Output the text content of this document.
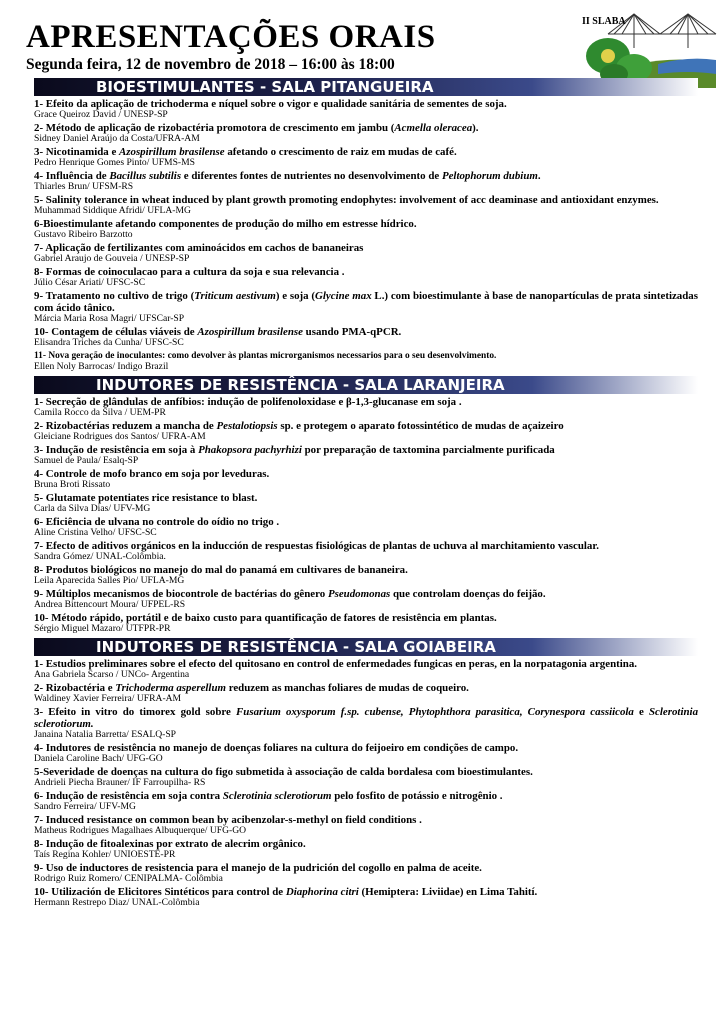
APRESENTAÇÕES ORAIS
Segunda feira, 12 de novembro de 2018 – 16:00 às 18:00
II SLABA
BIOESTIMULANTES - SALA PITANGUEIRA
1- Efeito da aplicação de trichoderma e níquel sobre o vigor e qualidade sanitária de sementes de soja.
Grace Queiroz David / UNESP-SP
2- Método de aplicação de rizobactéria promotora de crescimento em jambu (Acmella oleracea).
Sidney Daniel Araújo da Costa/UFRA-AM
3- Nicotinamida e Azospirillum brasilense afetando o crescimento de raiz em mudas de café.
Pedro Henrique Gomes Pinto/ UFMS-MS
4- Influência de Bacillus subtilis e diferentes fontes de nutrientes no desenvolvimento de Peltophorum dubium.
Thiarles Brun/ UFSM-RS
5- Salinity tolerance in wheat induced by plant growth promoting endophytes: involvement of acc deaminase and antioxidant enzymes.
Muhammad Siddique Afridi/ UFLA-MG
6-Bioestimulante afetando componentes de produção do milho em estresse hídrico.
Gustavo Ribeiro Barzotto
7- Aplicação de fertilizantes com aminoácidos em cachos de bananeiras
Gabriel Araujo de Gouveia / UNESP-SP
8- Formas de coinoculacao para a cultura da soja e sua relevancia .
Júlio César Ariati/ UFSC-SC
9- Tratamento no cultivo de trigo (Triticum aestivum) e soja (Glycine max L.) com bioestimulante à base de nanopartículas de prata sintetizadas com ácido tânico.
Márcia Maria Rosa Magri/ UFSCar-SP
10- Contagem de células viáveis de Azospirillum brasilense usando PMA-qPCR.
Elisandra Triches da Cunha/ UFSC-SC
11- Nova geração de inoculantes: como devolver às plantas microrganismos necessarios para o seu desenvolvimento.
Ellen Noly Barrocas/ Indigo Brazil
INDUTORES DE RESISTÊNCIA - SALA LARANJEIRA
1- Secreção de glândulas de anfíbios: indução de polifenoloxidase e β-1,3-glucanase em soja .
Camila Rocco da Silva / UEM-PR
2- Rizobactérias reduzem a mancha de Pestalotiopsis sp. e protegem o aparato fotossintético de mudas de açaizeiro
Gleiciane Rodrigues dos Santos/ UFRA-AM
3- Indução de resistência em soja à Phakopsora pachyrhizi por preparação de taxtomina parcialmente purificada
Samuel de Paula/ Esalq-SP
4- Controle de mofo branco em soja por leveduras.
Bruna Broti Rissato
5- Glutamate potentiates rice resistance to blast.
Carla da Silva Dias/ UFV-MG
6- Eficiência de ulvana no controle do oídio no trigo .
Aline Cristina Velho/ UFSC-SC
7- Efecto de aditivos orgánicos en la inducción de respuestas fisiológicas de plantas de uchuva al marchitamiento vascular.
Sandra Gómez/ UNAL-Colômbia.
8- Produtos biológicos no manejo do mal do panamá em cultivares de bananeira.
Leila Aparecida Salles Pio/ UFLA-MG
9- Múltiplos mecanismos de biocontrole de bactérias do gênero Pseudomonas que controlam doenças do feijão.
Andrea Bittencourt Moura/ UFPEL-RS
10- Método rápido, portátil e de baixo custo para quantificação de fatores de resistência em plantas.
Sérgio Miguel Mazaro/ UTFPR-PR
INDUTORES DE RESISTÊNCIA - SALA GOIABEIRA
1- Estudios preliminares sobre el efecto del quitosano en control de enfermedades fungicas en peras, en la norpatagonia argentina.
Ana Gabriela Scarso / UNCo- Argentina
2- Rizobactéria e Trichoderma asperellum reduzem as manchas foliares de mudas de coqueiro.
Waldiney Xavier Ferreira/ UFRA-AM
3- Efeito in vitro do timorex gold sobre Fusarium oxysporum f.sp. cubense, Phytophthora parasitica, Corynespora cassiicola e Sclerotinia sclerotiorum.
Janaina Natalia Barretta/ ESALQ-SP
4- Indutores de resistência no manejo de doenças foliares na cultura do feijoeiro em condições de campo.
Daniela Caroline Bach/ UFG-GO
5-Severidade de doenças na cultura do figo submetida à associação de calda bordalesa com bioestimulantes.
Andrieli Piecha Brauner/ IF Farroupilha- RS
6- Indução de resistência em soja contra Sclerotinia sclerotiorum pelo fosfito de potássio e nitrogênio .
Sandro Ferreira/ UFV-MG
7- Induced resistance on common bean by acibenzolar-s-methyl on field conditions .
Matheus Rodrigues Magalhaes Albuquerque/ UFG-GO
8- Indução de fitoalexinas por extrato de alecrim orgânico.
Taís Regina Kohler/ UNIOESTE-PR
9- Uso de inductores de resistencia para el manejo de la pudrición del cogollo en palma de aceite.
Rodrigo Ruiz Romero/ CENIPALMA- Colômbia
10- Utilización de Elicitores Sintéticos para control de Diaphorina citri (Hemiptera: Liviidae) en Lima Tahití.
Hermann Restrepo Diaz/ UNAL-Colômbia
